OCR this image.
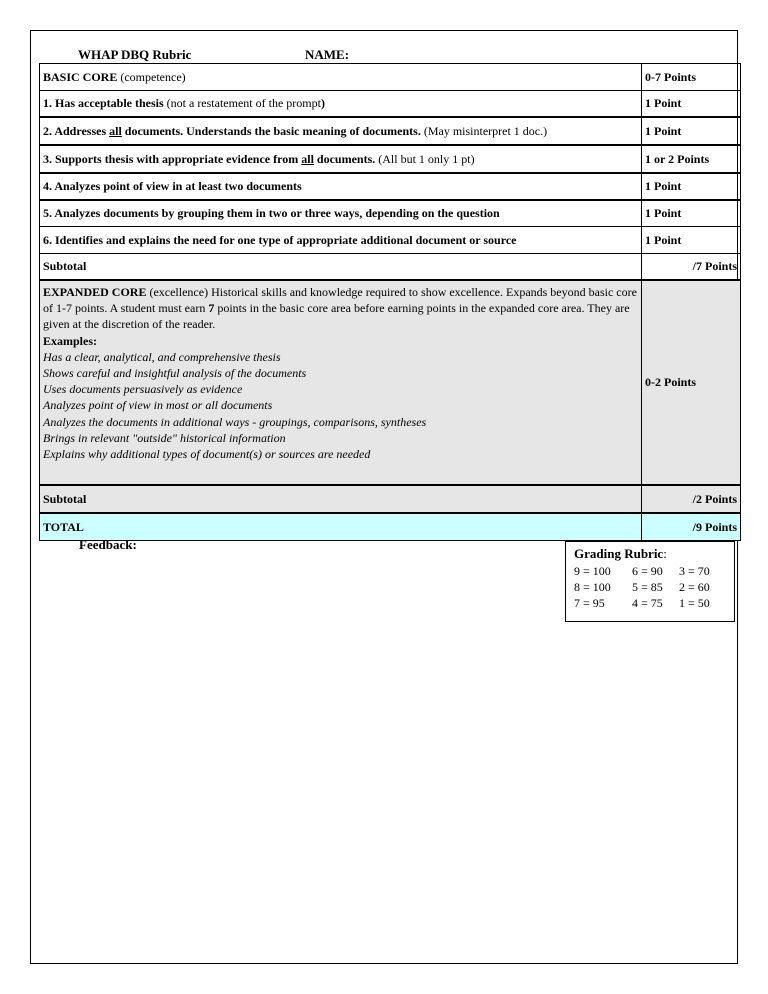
WHAP DBQ Rubric	NAME:
BASIC CORE (competence)	0-7 Points
1. Has acceptable thesis (not a restatement of the prompt)	1 Point
2. Addresses all documents. Understands the basic meaning of documents. (May misinterpret 1 doc.)	1 Point
3. Supports thesis with appropriate evidence from all documents. (All but 1 only 1 pt)	1 or 2 Points
4. Analyzes point of view in at least two documents	1 Point
5. Analyzes documents by grouping them in two or three ways, depending on the question	1 Point
6. Identifies and explains the need for one type of appropriate additional document or source	1 Point
Subtotal	/7 Points
EXPANDED CORE (excellence) Historical skills and knowledge required to show excellence. Expands beyond basic core of 1-7 points. A student must earn 7 points in the basic core area before earning points in the expanded core area. They are given at the discretion of the reader.
Examples:
Has a clear, analytical, and comprehensive thesis
Shows careful and insightful analysis of the documents
Uses documents persuasively as evidence
Analyzes point of view in most or all documents
Analyzes the documents in additional ways - groupings, comparisons, syntheses
Brings in relevant "outside" historical information
Explains why additional types of document(s) or sources are needed
0-2 Points
Subtotal	/2 Points
TOTAL	/9 Points
Feedback:
Grading Rubric:
9 = 100	6 = 90	3 = 70
8 = 100	5 = 85	2 = 60
7 = 95	4 = 75	1 = 50
